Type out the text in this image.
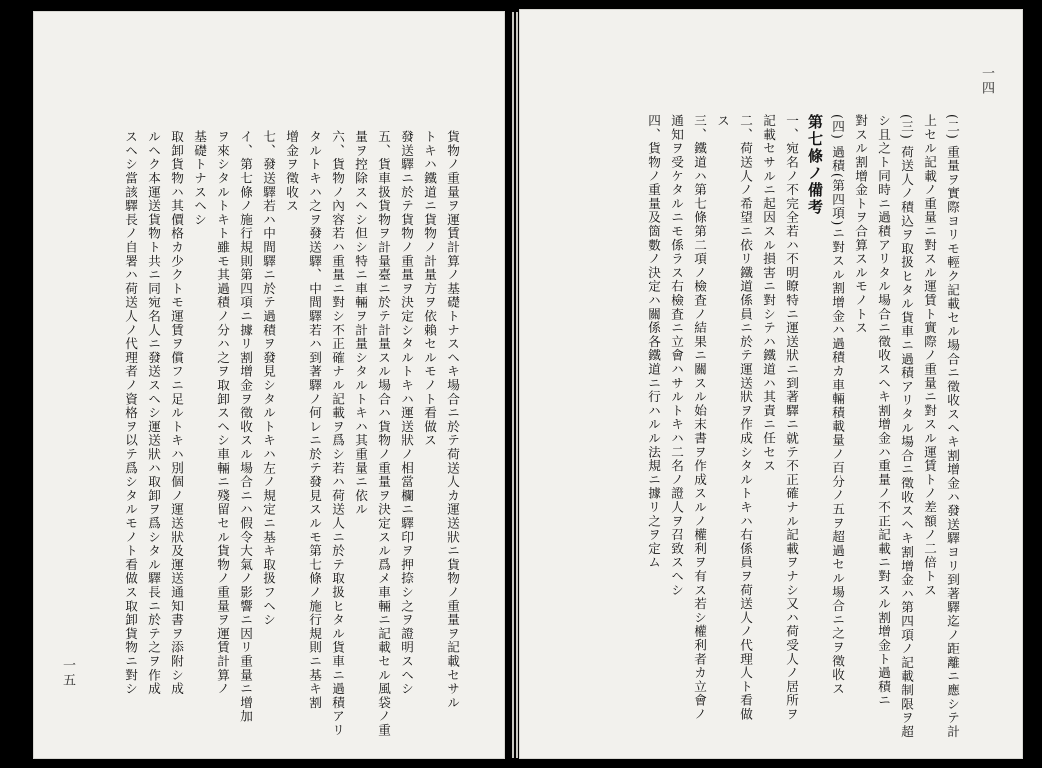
貨物ノ重量ヲ運賃計算ノ基礎トナスヘキ場合ニ於テ荷送人カ運送狀ニ貨物ノ重量ヲ記載セサル
トキハ鐵道ニ貨物ノ計量方ヲ依賴セルモノト看做ス
發送驛ニ於テ貨物ノ重量ヲ決定シタルトキハ運送狀ノ相當欄ニ驛印ヲ押捺シ之ヲ證明スヘシ
五、貨車扱貨物ヲ計量臺ニ於テ計量スル場合ハ貨物ノ重量ヲ決定スル爲メ車輛ニ記載セル風袋ノ重
量ヲ控除スヘシ但シ特ニ車輛ヲ計量シタルトキハ其重量ニ依ル
六、貨物ノ內容若ハ重量ニ對シ不正確ナル記載ヲ爲シ若ハ荷送人ニ於テ取扱ヒタル貨車ニ過積アリ
タルトキハ之ヲ發送驛、中間驛若ハ到著驛ノ何レニ於テ發見スルモ第七條ノ施行規則ニ基キ割
增金ヲ徵收ス
七、發送驛若ハ中間驛ニ於テ過積ヲ發見シタルトキハ左ノ規定ニ基キ取扱フヘシ
イ、第七條ノ施行規則第四項ニ據リ割增金ヲ徵收スル場合ニハ假令大氣ノ影響ニ因リ重量ニ增加
ヲ來シタルトキト雖モ其過積ノ分ハ之ヲ取卸スヘシ車輛ニ殘留セル貨物ノ重量ヲ運賃計算ノ
基礎トナスヘシ
取卸貨物ハ其價格カ少クトモ運賃ヲ償フニ足ルトキハ別個ノ運送狀及運送通知書ヲ添附シ成
ルヘク本運送貨物ト共ニ同宛名人ニ發送スヘシ運送狀ハ取卸ヲ爲シタル驛長ニ於テ之ヲ作成
スヘシ當該驛長ノ自署ハ荷送人ノ代理者ノ資格ヲ以テ爲シタルモノト看做ス取卸貨物ニ對シ
一五
一四
(二) 重量ヲ實際ヨリモ輕ク記載セル場合ニ徵收スヘキ割增金ハ發送驛ヨリ到著驛迄ノ距離ニ應シテ計
上セル記載ノ重量ニ對スル運賃ト實際ノ重量ニ對スル運賃トノ差額ノ二倍トス
(三) 荷送人ノ積込ヲ取扱ヒタル貨車ニ過積アリタル場合ニ徵收スヘキ割增金ハ第四項ノ記載制限ヲ超
シ且之ト同時ニ過積アリタル場合ニ徵收スヘキ割增金ハ重量ノ不正記載ニ對スル割增金ト過積ニ
對スル割增金トヲ合算スルモノトス
(四) 過積(第四項)ニ對スル割增金ハ過積カ車輛積載量ノ百分ノ五ヲ超過セル場合ニ之ヲ徵收ス
第七條ノ備考
一、宛名ノ不完全若ハ不明瞭特ニ運送狀ニ到著驛ニ就テ不正確ナル記載ヲナシ又ハ荷受人ノ居所ヲ
記載セサルニ起因スル損害ニ對シテハ鐵道ハ其責ニ任セス
二、荷送人ノ希望ニ依リ鐵道係員ニ於テ運送狀ヲ作成シタルトキハ右係員ヲ荷送人ノ代理人ト看做
ス
三、鐵道ハ第七條第二項ノ檢査ノ結果ニ關スル始末書ヲ作成スルノ權利ヲ有ス若シ權利者カ立會ノ
通知ヲ受ケタルニモ係ラス右檢査ニ立會ハサルトキハ二名ノ證人ヲ召致スヘシ
四、貨物ノ重量及箇數ノ決定ハ關係各鐵道ニ行ハルル法規ニ據リ之ヲ定ム
